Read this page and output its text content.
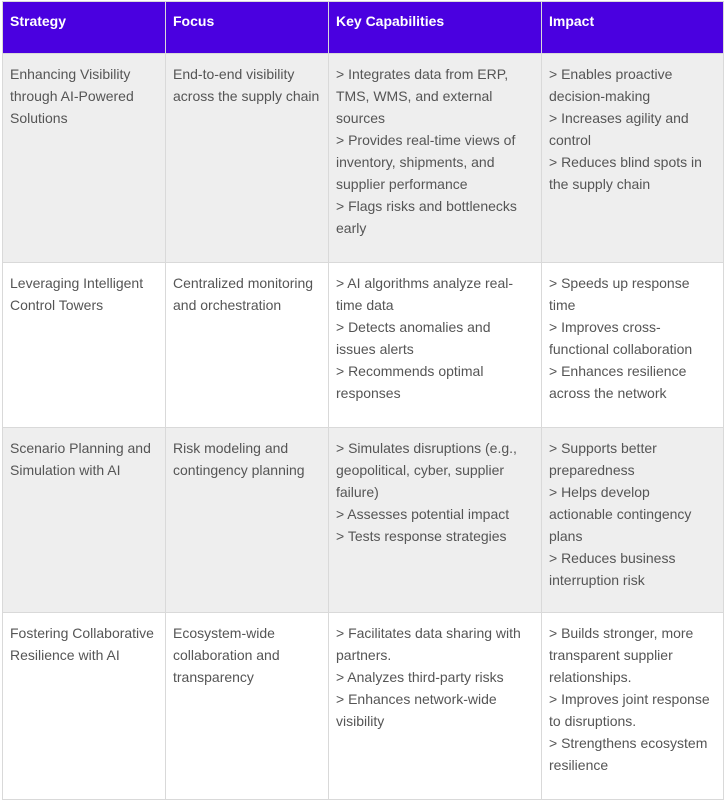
Strategy	Focus	Key Capabilities	Impact
Enhancing Visibility through AI-Powered Solutions	End-to-end visibility across the supply chain	> Integrates data from ERP, TMS, WMS, and external sources
> Provides real-time views of inventory, shipments, and supplier performance
> Flags risks and bottlenecks early	> Enables proactive decision-making
> Increases agility and control
> Reduces blind spots in the supply chain

Leveraging Intelligent Control Towers	Centralized monitoring and orchestration	> AI algorithms analyze real-time data
> Detects anomalies and issues alerts
> Recommends optimal responses	> Speeds up response time
> Improves cross-functional collaboration
> Enhances resilience across the network

Scenario Planning and Simulation with AI	Risk modeling and contingency planning	> Simulates disruptions (e.g., geopolitical, cyber, supplier failure)
> Assesses potential impact
> Tests response strategies	> Supports better preparedness
> Helps develop actionable contingency plans
> Reduces business interruption risk

Fostering Collaborative Resilience with AI	Ecosystem-wide collaboration and transparency	> Facilitates data sharing with partners.
> Analyzes third-party risks
> Enhances network-wide visibility	> Builds stronger, more transparent supplier relationships.
> Improves joint response to disruptions.
> Strengthens ecosystem resilience
